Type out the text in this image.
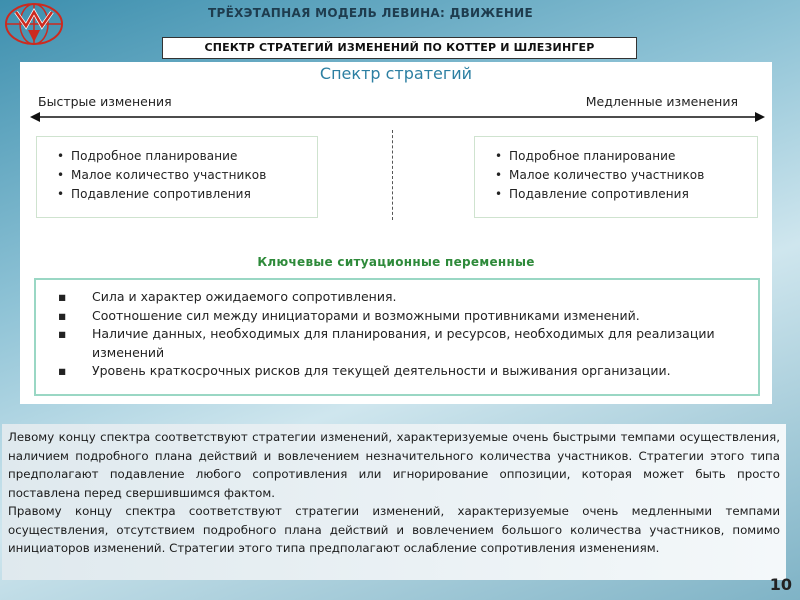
ТРЁХЭТАПНАЯ МОДЕЛЬ ЛЕВИНА: ДВИЖЕНИЕ
СПЕКТР СТРАТЕГИЙ ИЗМЕНЕНИЙ ПО КОТТЕР И ШЛЕЗИНГЕР
Спектр стратегий
Быстрые изменения	Медленные изменения
• Подробное планирование
• Малое количество участников
• Подавление сопротивления
• Подробное планирование
• Малое количество участников
• Подавление сопротивления
Ключевые ситуационные переменные
▪ Сила и характер ожидаемого сопротивления.
▪ Соотношение сил между инициаторами и возможными противниками изменений.
▪ Наличие данных, необходимых для планирования, и ресурсов, необходимых для реализации изменений
▪ Уровень краткосрочных рисков для текущей деятельности и выживания организации.

Левому концу спектра соответствуют стратегии изменений, характеризуемые очень быстрыми темпами осуществления, наличием подробного плана действий и вовлечением незначительного количества участников. Стратегии этого типа предполагают подавление любого сопротивления или игнорирование оппозиции, которая может быть просто поставлена перед свершившимся фактом.

Правому концу спектра соответствуют стратегии изменений, характеризуемые очень медленными темпами осуществления, отсутствием подробного плана действий и вовлечением большого количества участников, помимо инициаторов изменений. Стратегии этого типа предполагают ослабление сопротивления изменениям.

10
